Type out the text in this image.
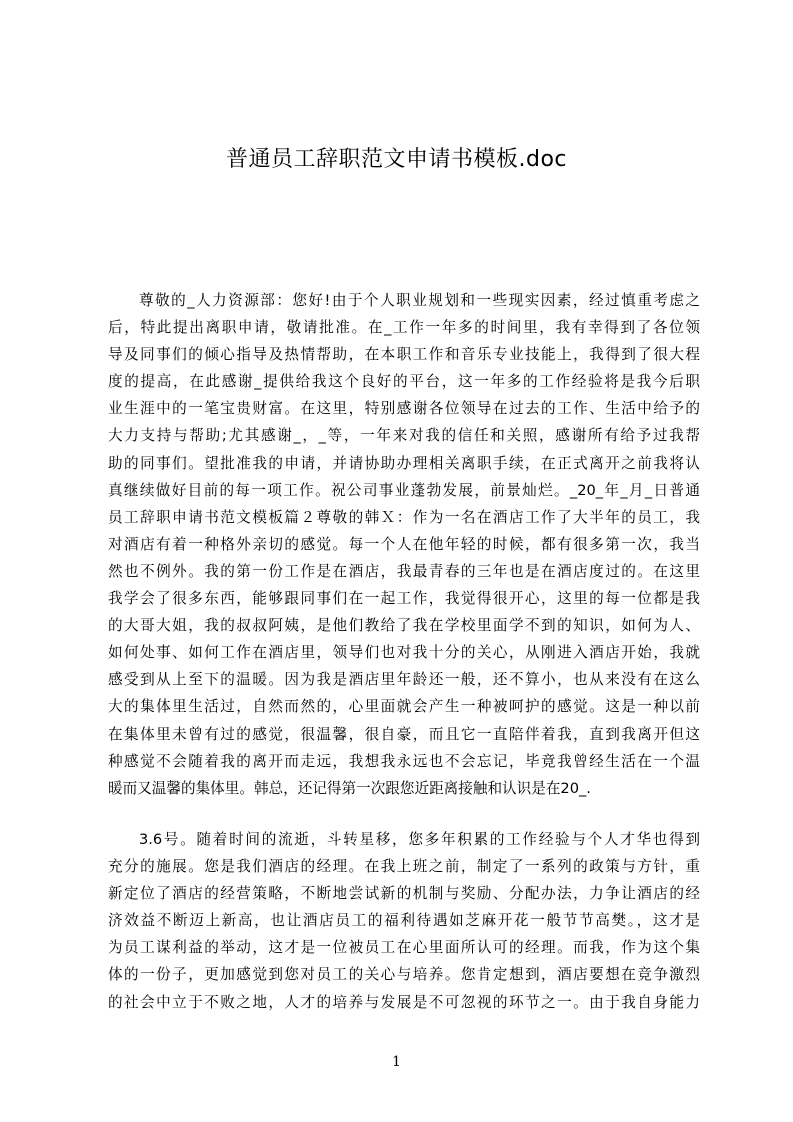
普通员工辞职范文申请书模板.doc
尊敬的_人力资源部：您好!由于个人职业规划和一些现实因素，经过慎重考虑之
后，特此提出离职申请，敬请批准。在_工作一年多的时间里，我有幸得到了各位领
导及同事们的倾心指导及热情帮助，在本职工作和音乐专业技能上，我得到了很大程
度的提高，在此感谢_提供给我这个良好的平台，这一年多的工作经验将是我今后职
业生涯中的一笔宝贵财富。在这里，特别感谢各位领导在过去的工作、生活中给予的
大力支持与帮助;尤其感谢_，_等，一年来对我的信任和关照，感谢所有给予过我帮
助的同事们。望批准我的申请，并请协助办理相关离职手续，在正式离开之前我将认
真继续做好目前的每一项工作。祝公司事业蓬勃发展，前景灿烂。_20_年_月_日普通
员工辞职申请书范文模板篇２尊敬的韩Ｘ：作为一名在酒店工作了大半年的员工，我
对酒店有着一种格外亲切的感觉。每一个人在他年轻的时候，都有很多第一次，我当
然也不例外。我的第一份工作是在酒店，我最青春的三年也是在酒店度过的。在这里
我学会了很多东西，能够跟同事们在一起工作，我觉得很开心，这里的每一位都是我
的大哥大姐，我的叔叔阿姨，是他们教给了我在学校里面学不到的知识，如何为人、
如何处事、如何工作在酒店里，领导们也对我十分的关心，从刚进入酒店开始，我就
感受到从上至下的温暖。因为我是酒店里年龄还一般，还不算小，也从来没有在这么
大的集体里生活过，自然而然的，心里面就会产生一种被呵护的感觉。这是一种以前
在集体里未曾有过的感觉，很温馨，很自豪，而且它一直陪伴着我，直到我离开但这
种感觉不会随着我的离开而走远，我想我永远也不会忘记，毕竟我曾经生活在一个温
暖而又温馨的集体里。韩总，还记得第一次跟您近距离接触和认识是在20_.
3.6号。随着时间的流逝，斗转星移，您多年积累的工作经验与个人才华也得到
充分的施展。您是我们酒店的经理。在我上班之前，制定了一系列的政策与方针，重
新定位了酒店的经营策略，不断地尝试新的机制与奖励、分配办法，力争让酒店的经
济效益不断迈上新高，也让酒店员工的福利待遇如芝麻开花一般节节高樊。，这才是
为员工谋利益的举动，这才是一位被员工在心里面所认可的经理。而我，作为这个集
体的一份子，更加感觉到您对员工的关心与培养。您肯定想到，酒店要想在竞争激烈
的社会中立于不败之地，人才的培养与发展是不可忽视的环节之一。由于我自身能力
1
